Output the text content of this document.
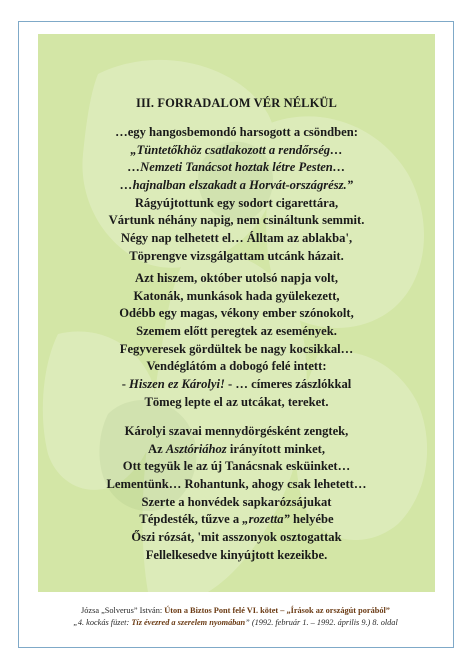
III. FORRADALOM VÉR NÉLKÜL
…egy hangosbemondó harsogott a csöndben:
„Tüntetőkhöz csatlakozott a rendőrség…
…Nemzeti Tanácsot hoztak létre Pesten…
…hajnalban elszakadt a Horvát-országrész.”
Rágyújtottunk egy sodort cigarettára,
Vártunk néhány napig, nem csináltunk semmit.
Négy nap telhetett el… Álltam az ablakba',
Töprengve vizsgálgattam utcánk házait.
Azt hiszem, október utolsó napja volt,
Katonák, munkások hada gyülekezett,
Odébb egy magas, vékony ember szónokolt,
Szemem előtt peregtek az események.
Fegyveresek gördültek be nagy kocsikkal…
Vendéglátóm a dobogó felé intett:
- Hiszen ez Károlyi! - … címeres zászlókkal
Tömeg lepte el az utcákat, tereket.
Károlyi szavai mennydörgésként zengtek,
Az Asztóriához irányított minket,
Ott tegyük le az új Tanácsnak esküinket…
Lementünk… Rohantunk, ahogy csak lehetett…
Szerte a honvédek sapkarózsájukat
Tépdesték, tűzve a „rozetta” helyébe
Őszi rózsát, 'mit asszonyok osztogattak
Fellelkesedve kinyújtott kezeikbe.
Józsa „Solverus” István: Úton a Biztos Pont felé VI. kötet – „Írások az országút porából”
„4. kockás füzet: Tíz évezred a szerelem nyomában” (1992. február 1. – 1992. április 9.) 8. oldal
